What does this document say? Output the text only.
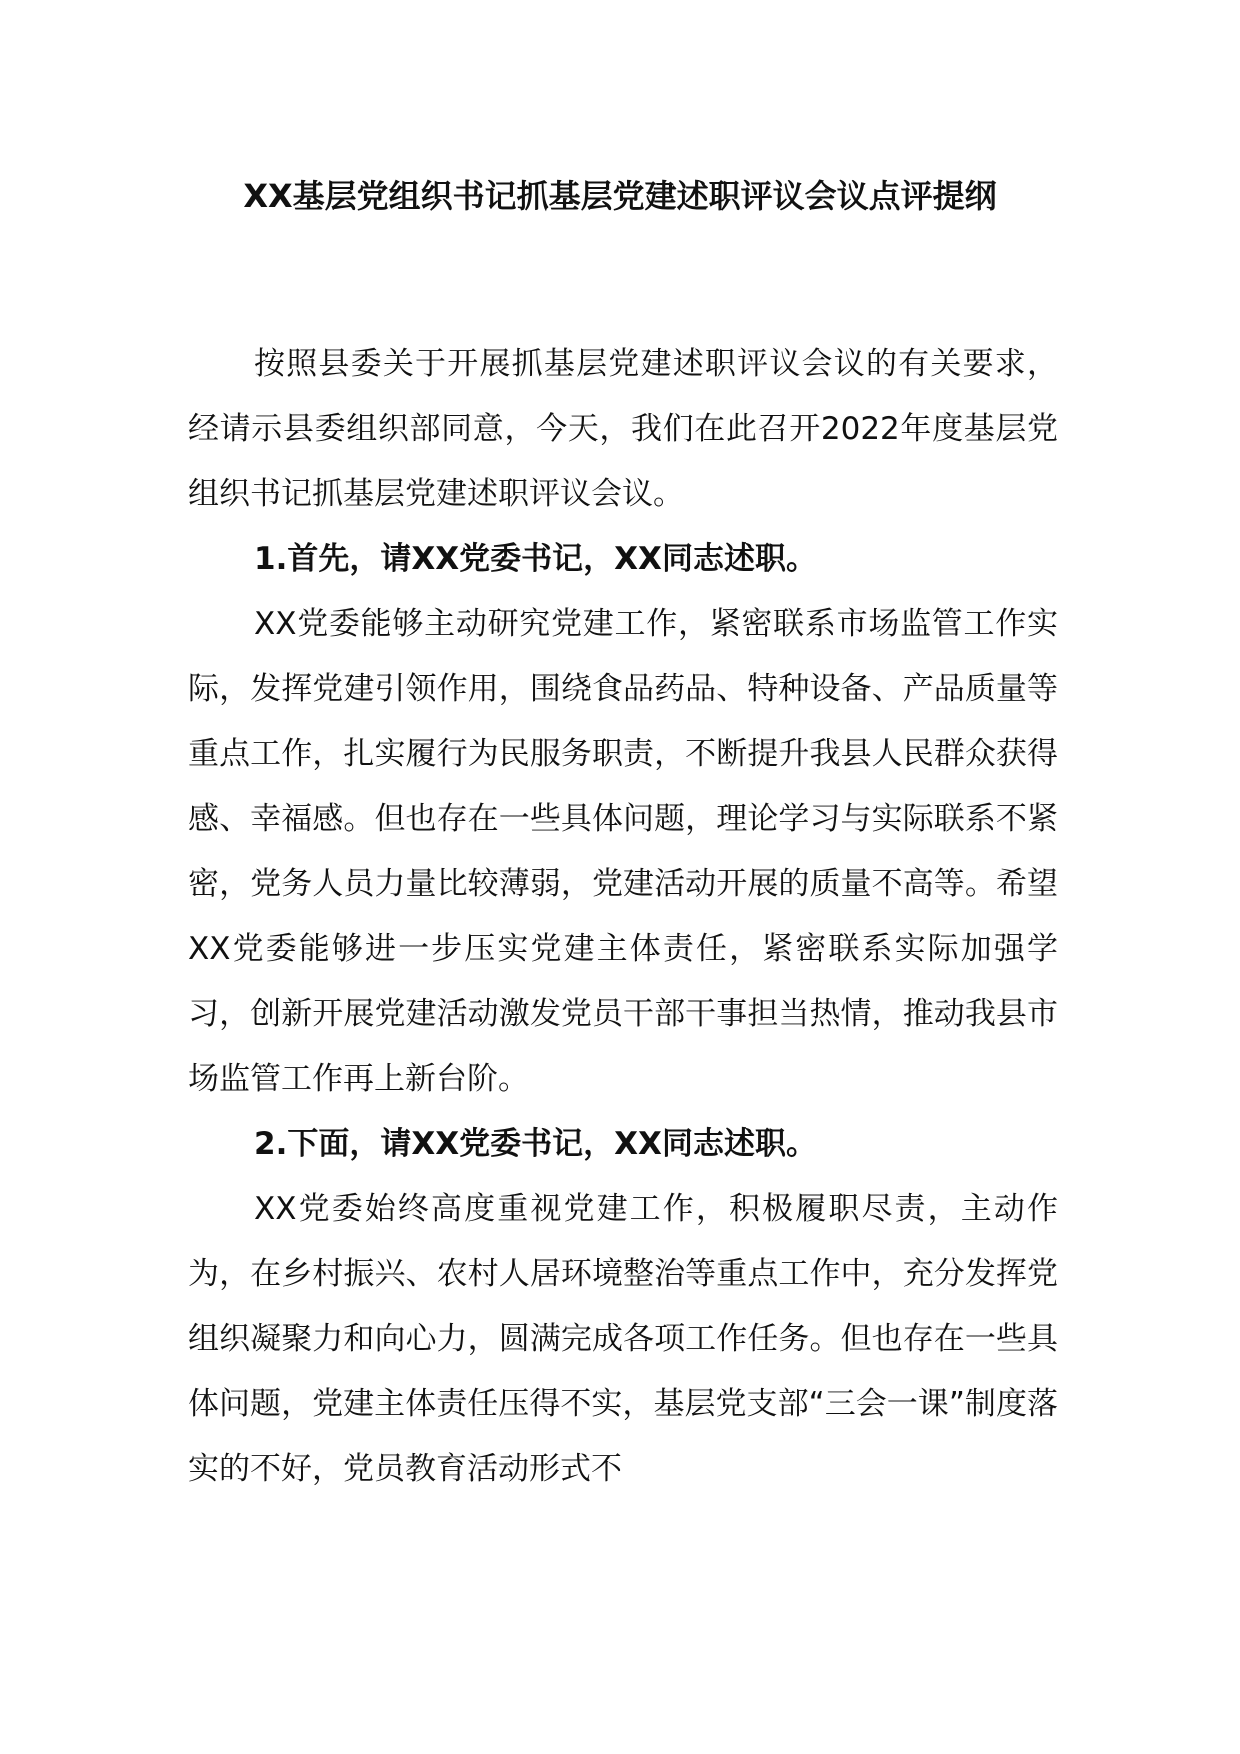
XX基层党组织书记抓基层党建述职评议会议点评提纲

按照县委关于开展抓基层党建述职评议会议的有关要求，经请示县委组织部同意，今天，我们在此召开2022年度基层党组织书记抓基层党建述职评议会议。

1.首先，请XX党委书记，XX同志述职。

XX党委能够主动研究党建工作，紧密联系市场监管工作实际，发挥党建引领作用，围绕食品药品、特种设备、产品质量等重点工作，扎实履行为民服务职责，不断提升我县人民群众获得感、幸福感。但也存在一些具体问题，理论学习与实际联系不紧密，党务人员力量比较薄弱，党建活动开展的质量不高等。希望XX党委能够进一步压实党建主体责任，紧密联系实际加强学习，创新开展党建活动激发党员干部干事担当热情，推动我县市场监管工作再上新台阶。

2.下面，请XX党委书记，XX同志述职。

XX党委始终高度重视党建工作，积极履职尽责，主动作为，在乡村振兴、农村人居环境整治等重点工作中，充分发挥党组织凝聚力和向心力，圆满完成各项工作任务。但也存在一些具体问题，党建主体责任压得不实，基层党支部“三会一课”制度落实的不好，党员教育活动形式不
